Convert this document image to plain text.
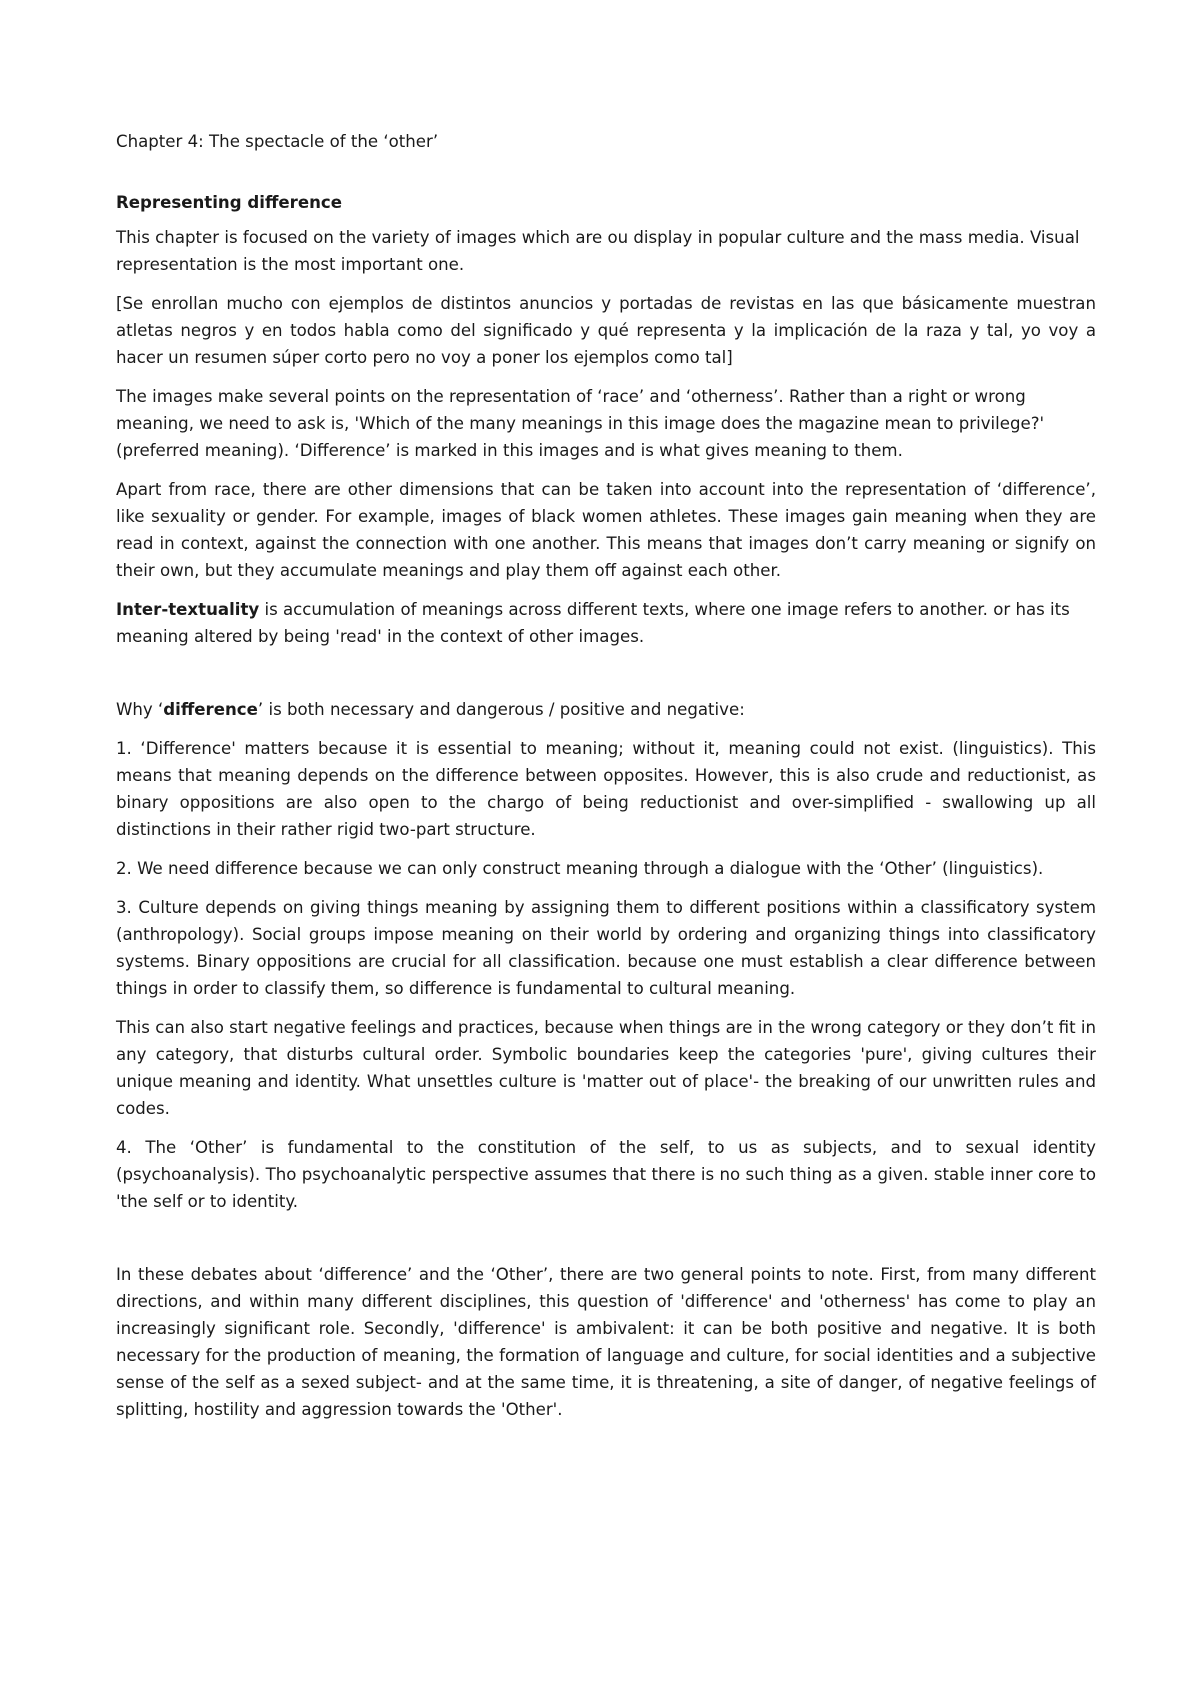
Chapter 4: The spectacle of the ‘other’
Representing difference

This chapter is focused on the variety of images which are ou display in popular culture and the mass media. Visual representation is the most important one.

[Se enrollan mucho con ejemplos de distintos anuncios y portadas de revistas en las que básicamente muestran atletas negros y en todos habla como del significado y qué representa y la implicación de la raza y tal, yo voy a hacer un resumen súper corto pero no voy a poner los ejemplos como tal]

The images make several points on the representation of ‘race’ and ‘otherness’. Rather than a right or wrong meaning, we need to ask is, 'Which of the many meanings in this image does the magazine mean to privilege?' (preferred meaning). ‘Difference’ is marked in this images and is what gives meaning to them.

Apart from race, there are other dimensions that can be taken into account into the representation of ‘difference’, like sexuality or gender. For example, images of black women athletes. These images gain meaning when they are read in context, against the connection with one another. This means that images don’t carry meaning or signify on their own, but they accumulate meanings and play them off against each other.

Inter-textuality is accumulation of meanings across different texts, where one image refers to another. or has its meaning altered by being 'read' in the context of other images.

Why ‘difference’ is both necessary and dangerous / positive and negative:

1. ‘Difference' matters because it is essential to meaning; without it, meaning could not exist. (linguistics). This means that meaning depends on the difference between opposites. However, this is also crude and reductionist, as binary oppositions are also open to the chargo of being reductionist and over-simplified - swallowing up all distinctions in their rather rigid two-part structure.

2. We need difference because we can only construct meaning through a dialogue with the ‘Other’ (linguistics).

3. Culture depends on giving things meaning by assigning them to different positions within a classificatory system (anthropology). Social groups impose meaning on their world by ordering and organizing things into classificatory systems. Binary oppositions are crucial for all classification. because one must establish a clear difference between things in order to classify them, so difference is fundamental to cultural meaning.

This can also start negative feelings and practices, because when things are in the wrong category or they don’t fit in any category, that disturbs cultural order. Symbolic boundaries keep the categories 'pure', giving cultures their unique meaning and identity. What unsettles culture is 'matter out of place'- the breaking of our unwritten rules and codes.

4. The ‘Other’ is fundamental to the constitution of the self, to us as subjects, and to sexual identity (psychoanalysis). Tho psychoanalytic perspective assumes that there is no such thing as a given. stable inner core to 'the self or to identity.

In these debates about ‘difference’ and the ‘Other’, there are two general points to note. First, from many different directions, and within many different disciplines, this question of 'difference' and 'otherness' has come to play an increasingly significant role. Secondly, 'difference' is ambivalent: it can be both positive and negative. It is both necessary for the production of meaning, the formation of language and culture, for social identities and a subjective sense of the self as a sexed subject- and at the same time, it is threatening, a site of danger, of negative feelings of splitting, hostility and aggression towards the 'Other'.
